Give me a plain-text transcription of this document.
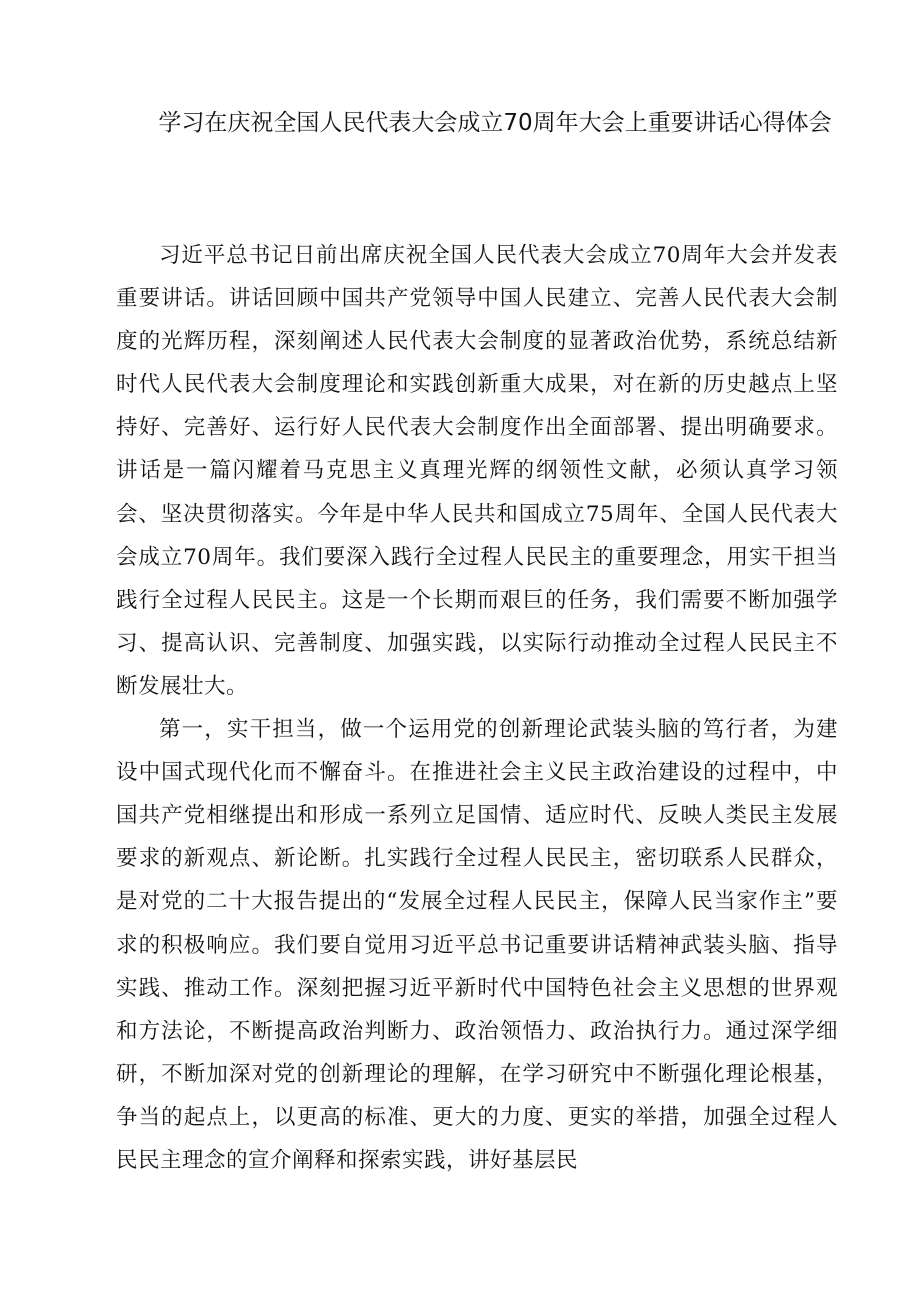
学习在庆祝全国人民代表大会成立70周年大会上重要讲话心得体会

习近平总书记日前出席庆祝全国人民代表大会成立70周年大会并发表重要讲话。讲话回顾中国共产党领导中国人民建立、完善人民代表大会制度的光辉历程，深刻阐述人民代表大会制度的显著政治优势，系统总结新时代人民代表大会制度理论和实践创新重大成果，对在新的历史越点上坚持好、完善好、运行好人民代表大会制度作出全面部署、提出明确要求。讲话是一篇闪耀着马克思主义真理光辉的纲领性文献，必须认真学习领会、坚决贯彻落实。今年是中华人民共和国成立75周年、全国人民代表大会成立70周年。我们要深入践行全过程人民民主的重要理念，用实干担当践行全过程人民民主。这是一个长期而艰巨的任务，我们需要不断加强学习、提高认识、完善制度、加强实践，以实际行动推动全过程人民民主不断发展壮大。

第一，实干担当，做一个运用党的创新理论武装头脑的笃行者，为建设中国式现代化而不懈奋斗。在推进社会主义民主政治建设的过程中，中国共产党相继提出和形成一系列立足国情、适应时代、反映人类民主发展要求的新观点、新论断。扎实践行全过程人民民主，密切联系人民群众，是对党的二十大报告提出的“发展全过程人民民主，保障人民当家作主”要求的积极响应。我们要自觉用习近平总书记重要讲话精神武装头脑、指导实践、推动工作。深刻把握习近平新时代中国特色社会主义思想的世界观和方法论，不断提高政治判断力、政治领悟力、政治执行力。通过深学细研，不断加深对党的创新理论的理解，在学习研究中不断强化理论根基，争当的起点上，以更高的标准、更大的力度、更实的举措，加强全过程人民民主理念的宣介阐释和探索实践，讲好基层民
